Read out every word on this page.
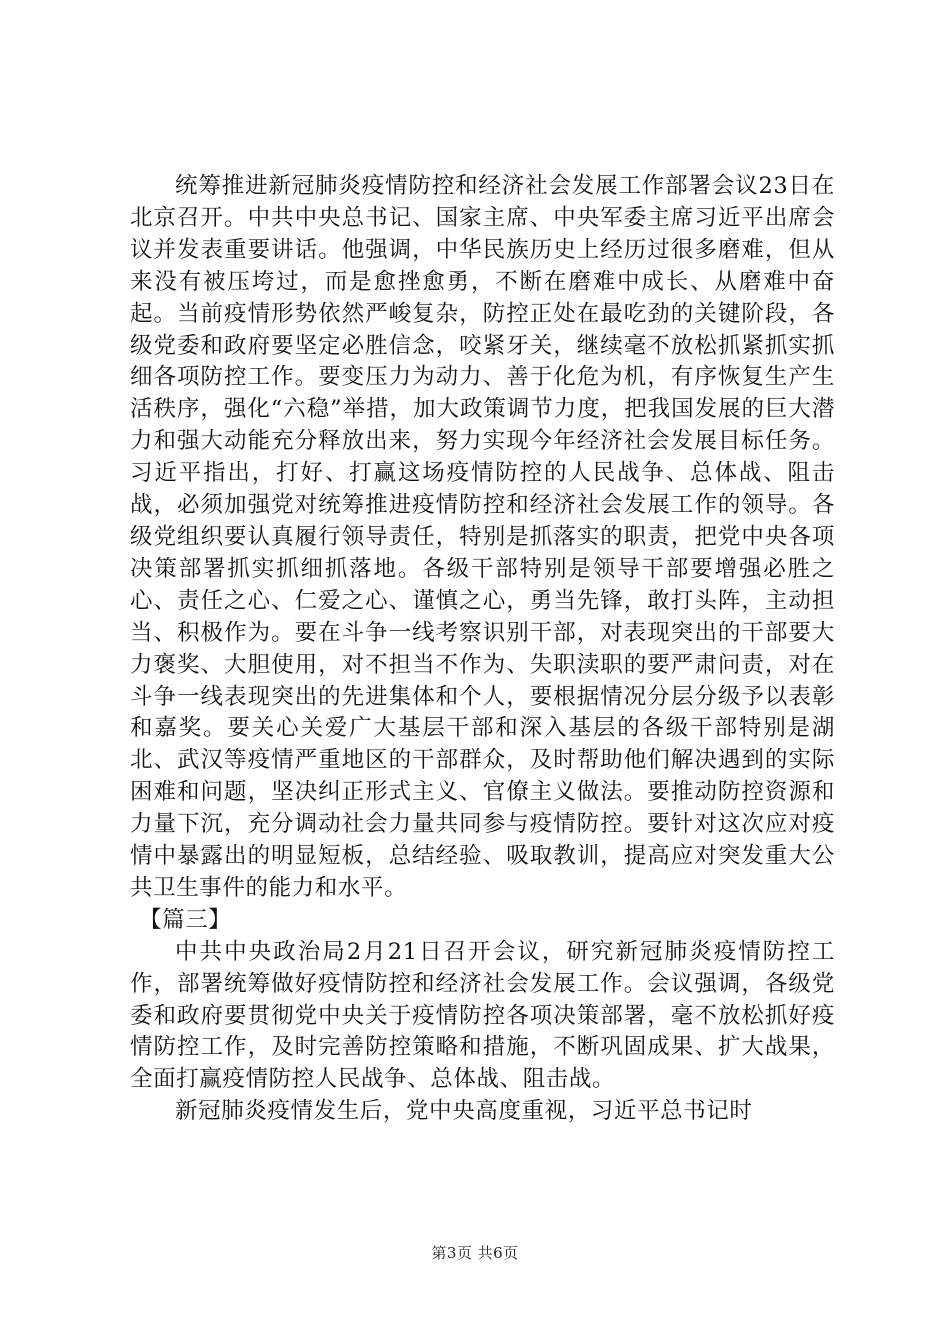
统筹推进新冠肺炎疫情防控和经济社会发展工作部署会议23日在北京召开。中共中央总书记、国家主席、中央军委主席习近平出席会议并发表重要讲话。他强调，中华民族历史上经历过很多磨难，但从来没有被压垮过，而是愈挫愈勇，不断在磨难中成长、从磨难中奋起。当前疫情形势依然严峻复杂，防控正处在最吃劲的关键阶段，各级党委和政府要坚定必胜信念，咬紧牙关，继续毫不放松抓紧抓实抓细各项防控工作。要变压力为动力、善于化危为机，有序恢复生产生活秩序，强化“六稳”举措，加大政策调节力度，把我国发展的巨大潜力和强大动能充分释放出来，努力实现今年经济社会发展目标任务。习近平指出，打好、打赢这场疫情防控的人民战争、总体战、阻击战，必须加强党对统筹推进疫情防控和经济社会发展工作的领导。各级党组织要认真履行领导责任，特别是抓落实的职责，把党中央各项决策部署抓实抓细抓落地。各级干部特别是领导干部要增强必胜之心、责任之心、仁爱之心、谨慎之心，勇当先锋，敢打头阵，主动担当、积极作为。要在斗争一线考察识别干部，对表现突出的干部要大力褒奖、大胆使用，对不担当不作为、失职渎职的要严肃问责，对在斗争一线表现突出的先进集体和个人，要根据情况分层分级予以表彰和嘉奖。要关心关爱广大基层干部和深入基层的各级干部特别是湖北、武汉等疫情严重地区的干部群众，及时帮助他们解决遇到的实际困难和问题，坚决纠正形式主义、官僚主义做法。要推动防控资源和力量下沉，充分调动社会力量共同参与疫情防控。要针对这次应对疫情中暴露出的明显短板，总结经验、吸取教训，提高应对突发重大公共卫生事件的能力和水平。

【篇三】

中共中央政治局2月21日召开会议，研究新冠肺炎疫情防控工作，部署统筹做好疫情防控和经济社会发展工作。会议强调，各级党委和政府要贯彻党中央关于疫情防控各项决策部署，毫不放松抓好疫情防控工作，及时完善防控策略和措施，不断巩固成果、扩大战果，全面打赢疫情防控人民战争、总体战、阻击战。

新冠肺炎疫情发生后，党中央高度重视，习近平总书记时

第3页 共6页
